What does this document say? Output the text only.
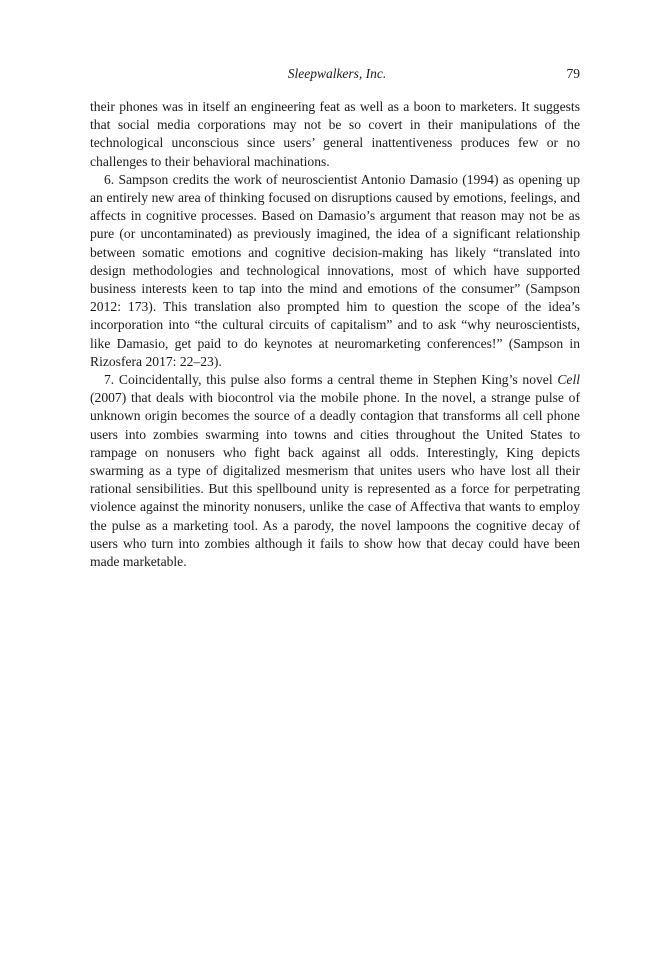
Sleepwalkers, Inc.	79

their phones was in itself an engineering feat as well as a boon to marketers. It suggests that social media corporations may not be so covert in their manipulations of the technological unconscious since users’ general inattentiveness produces few or no challenges to their behavioral machinations.

6. Sampson credits the work of neuroscientist Antonio Damasio (1994) as opening up an entirely new area of thinking focused on disruptions caused by emotions, feelings, and affects in cognitive processes. Based on Damasio’s argument that reason may not be as pure (or uncontaminated) as previously imagined, the idea of a significant relationship between somatic emotions and cognitive decision-making has likely “translated into design methodologies and technological innovations, most of which have supported business interests keen to tap into the mind and emotions of the consumer” (Sampson 2012: 173). This translation also prompted him to question the scope of the idea’s incorporation into “the cultural circuits of capitalism” and to ask “why neuroscientists, like Damasio, get paid to do keynotes at neuromarketing conferences!” (Sampson in Rizosfera 2017: 22–23).

7. Coincidentally, this pulse also forms a central theme in Stephen King’s novel Cell (2007) that deals with biocontrol via the mobile phone. In the novel, a strange pulse of unknown origin becomes the source of a deadly contagion that transforms all cell phone users into zombies swarming into towns and cities throughout the United States to rampage on nonusers who fight back against all odds. Interestingly, King depicts swarming as a type of digitalized mesmerism that unites users who have lost all their rational sensibilities. But this spellbound unity is represented as a force for perpetrating violence against the minority nonusers, unlike the case of Affectiva that wants to employ the pulse as a marketing tool. As a parody, the novel lampoons the cognitive decay of users who turn into zombies although it fails to show how that decay could have been made marketable.
